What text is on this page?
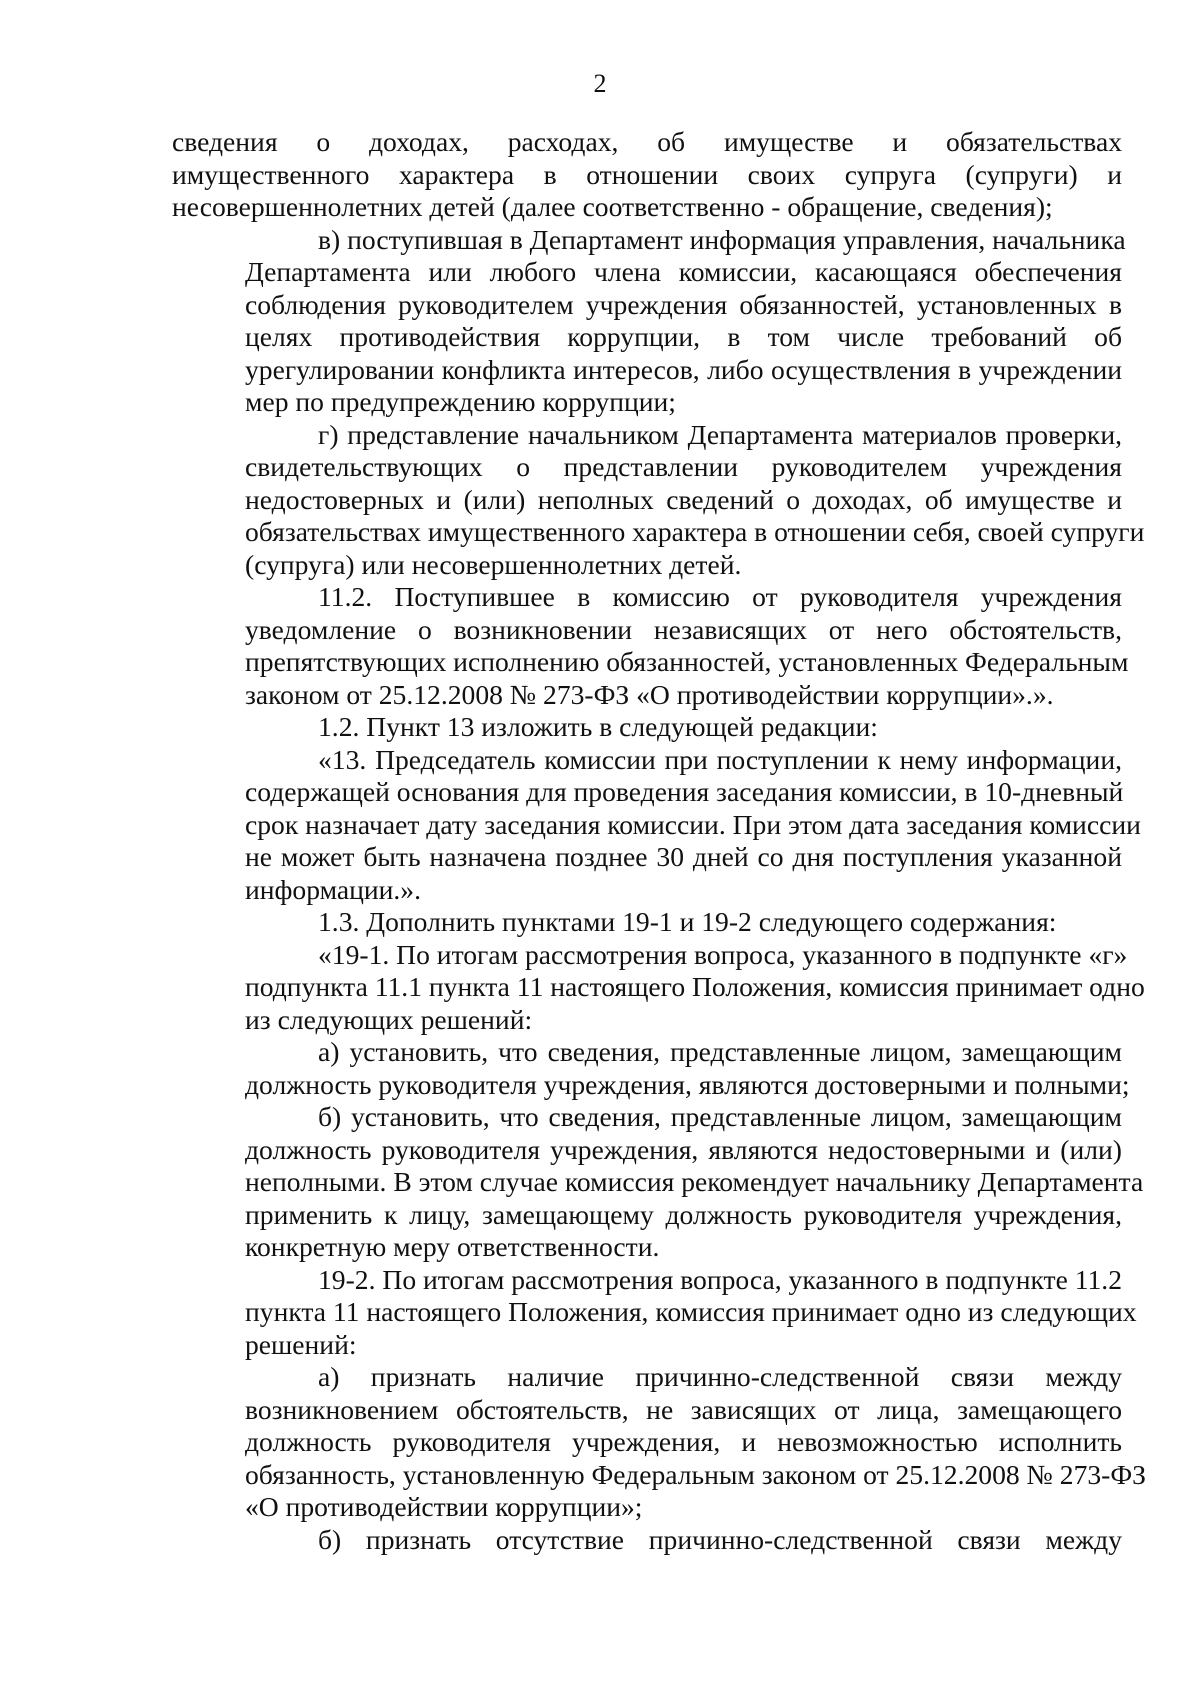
2
сведения о доходах, расходах, об имуществе и обязательствах
имущественного характера в отношении своих супруга (супруги) и
несовершеннолетних детей (далее соответственно - обращение, сведения);
в) поступившая в Департамент информация управления, начальника
Департамента или любого члена комиссии, касающаяся обеспечения
соблюдения руководителем учреждения обязанностей, установленных в
целях противодействия коррупции, в том числе требований об
урегулировании конфликта интересов, либо осуществления в учреждении
мер по предупреждению коррупции;
г) представление начальником Департамента материалов проверки,
свидетельствующих о представлении руководителем учреждения
недостоверных и (или) неполных сведений о доходах, об имуществе и
обязательствах имущественного характера в отношении себя, своей супруги
(супруга) или несовершеннолетних детей.
11.2. Поступившее в комиссию от руководителя учреждения
уведомление о возникновении независящих от него обстоятельств,
препятствующих исполнению обязанностей, установленных Федеральным
законом от 25.12.2008 № 273-ФЗ «О противодействии коррупции».».
1.2. Пункт 13 изложить в следующей редакции:
«13. Председатель комиссии при поступлении к нему информации,
содержащей основания для проведения заседания комиссии, в 10-дневный
срок назначает дату заседания комиссии. При этом дата заседания комиссии
не может быть назначена позднее 30 дней со дня поступления указанной
информации.».
1.3. Дополнить пунктами 19-1 и 19-2 следующего содержания:
«19-1. По итогам рассмотрения вопроса, указанного в подпункте «г»
подпункта 11.1 пункта 11 настоящего Положения, комиссия принимает одно
из следующих решений:
а) установить, что сведения, представленные лицом, замещающим
должность руководителя учреждения, являются достоверными и полными;
б) установить, что сведения, представленные лицом, замещающим
должность руководителя учреждения, являются недостоверными и (или)
неполными. В этом случае комиссия рекомендует начальнику Департамента
применить к лицу, замещающему должность руководителя учреждения,
конкретную меру ответственности.
19-2. По итогам рассмотрения вопроса, указанного в подпункте 11.2
пункта 11 настоящего Положения, комиссия принимает одно из следующих
решений:
а) признать наличие причинно-следственной связи между
возникновением обстоятельств, не зависящих от лица, замещающего
должность руководителя учреждения, и невозможностью исполнить
обязанность, установленную Федеральным законом от 25.12.2008 № 273-ФЗ
«О противодействии коррупции»;
б) признать отсутствие причинно-следственной связи между
